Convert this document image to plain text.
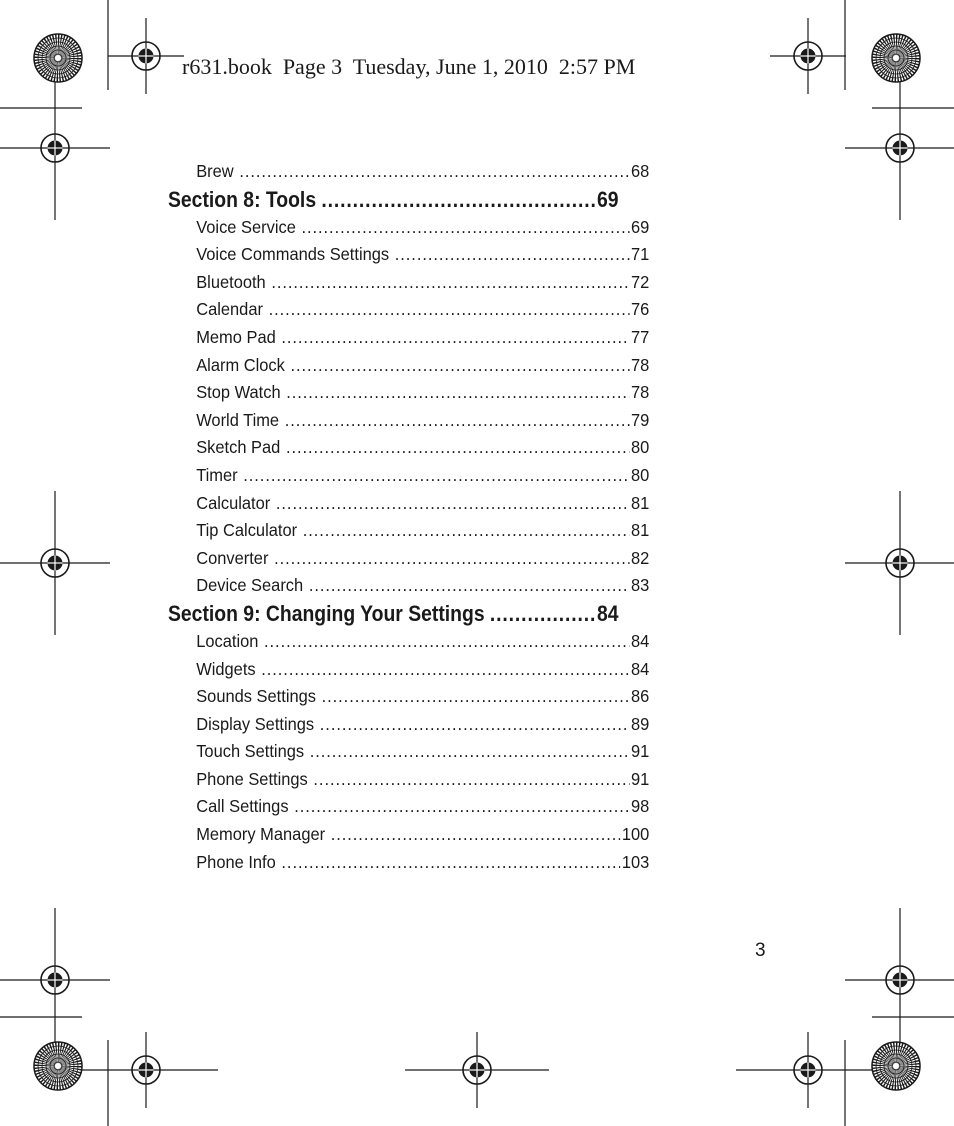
r631.book  Page 3  Tuesday, June 1, 2010  2:57 PM
Brew .....	68
Section 8: Tools .....	69
Voice Service .....	69
Voice Commands Settings .....	71
Bluetooth .....	72
Calendar .....	76
Memo Pad .....	77
Alarm Clock .....	78
Stop Watch .....	78
World Time .....	79
Sketch Pad .....	80
Timer .....	80
Calculator .....	81
Tip Calculator .....	81
Converter .....	82
Device Search .....	83
Section 9: Changing Your Settings .....	84
Location .....	84
Widgets .....	84
Sounds Settings .....	86
Display Settings .....	89
Touch Settings .....	91
Phone Settings .....	91
Call Settings .....	98
Memory Manager .....	100
Phone Info .....	103
3
